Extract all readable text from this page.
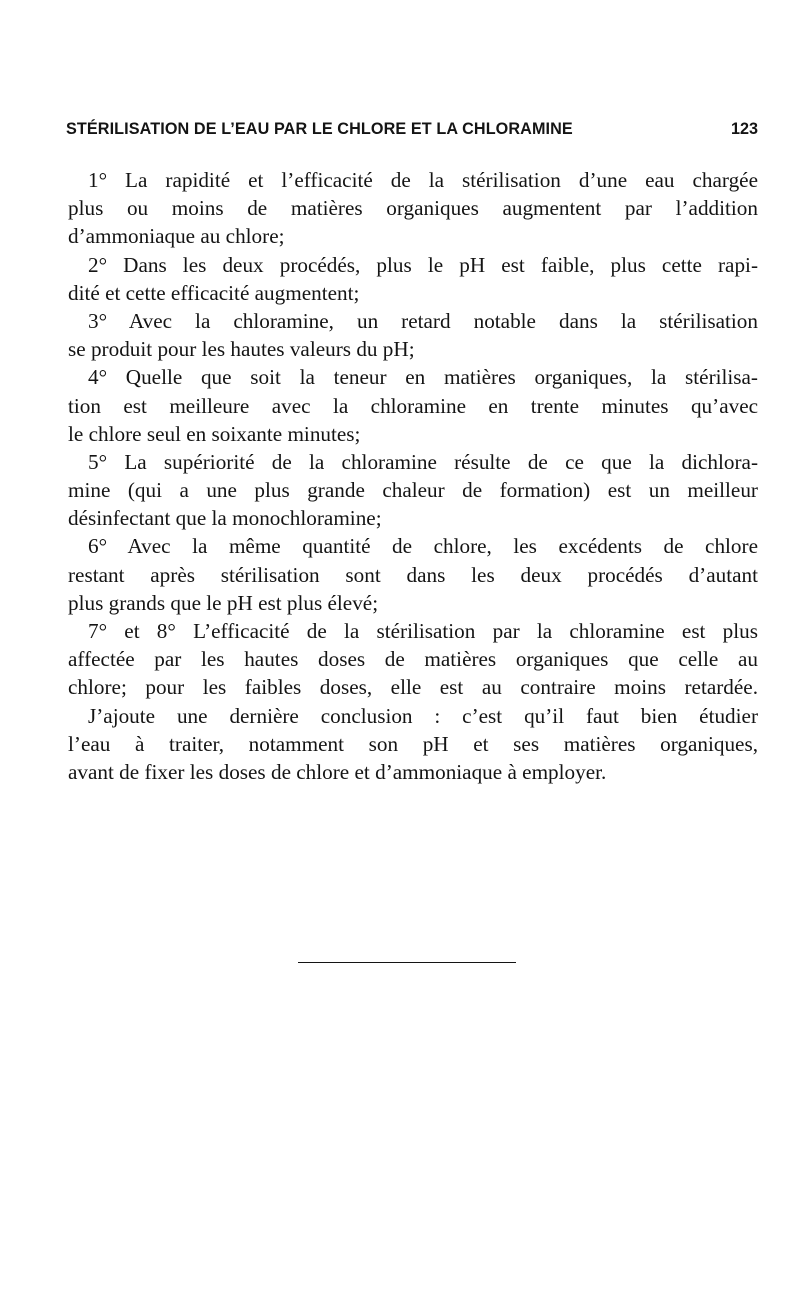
STÉRILISATION DE L’EAU PAR LE CHLORE ET LA CHLORAMINE	123
1° La rapidité et l’efficacité de la stérilisation d’une eau chargée
plus ou moins de matières organiques augmentent par l’addition
d’ammoniaque au chlore;
2° Dans les deux procédés, plus le pH est faible, plus cette rapi-
dité et cette efficacité augmentent;
3° Avec la chloramine, un retard notable dans la stérilisation
se produit pour les hautes valeurs du pH;
4° Quelle que soit la teneur en matières organiques, la stérilisa-
tion est meilleure avec la chloramine en trente minutes qu’avec
le chlore seul en soixante minutes;
5° La supériorité de la chloramine résulte de ce que la dichlora-
mine (qui a une plus grande chaleur de formation) est un meilleur
désinfectant que la monochloramine;
6° Avec la même quantité de chlore, les excédents de chlore
restant après stérilisation sont dans les deux procédés d’autant
plus grands que le pH est plus élevé;
7° et 8° L’efficacité de la stérilisation par la chloramine est plus
affectée par les hautes doses de matières organiques que celle au
chlore; pour les faibles doses, elle est au contraire moins retardée.
J’ajoute une dernière conclusion : c’est qu’il faut bien étudier
l’eau à traiter, notamment son pH et ses matières organiques,
avant de fixer les doses de chlore et d’ammoniaque à employer.
